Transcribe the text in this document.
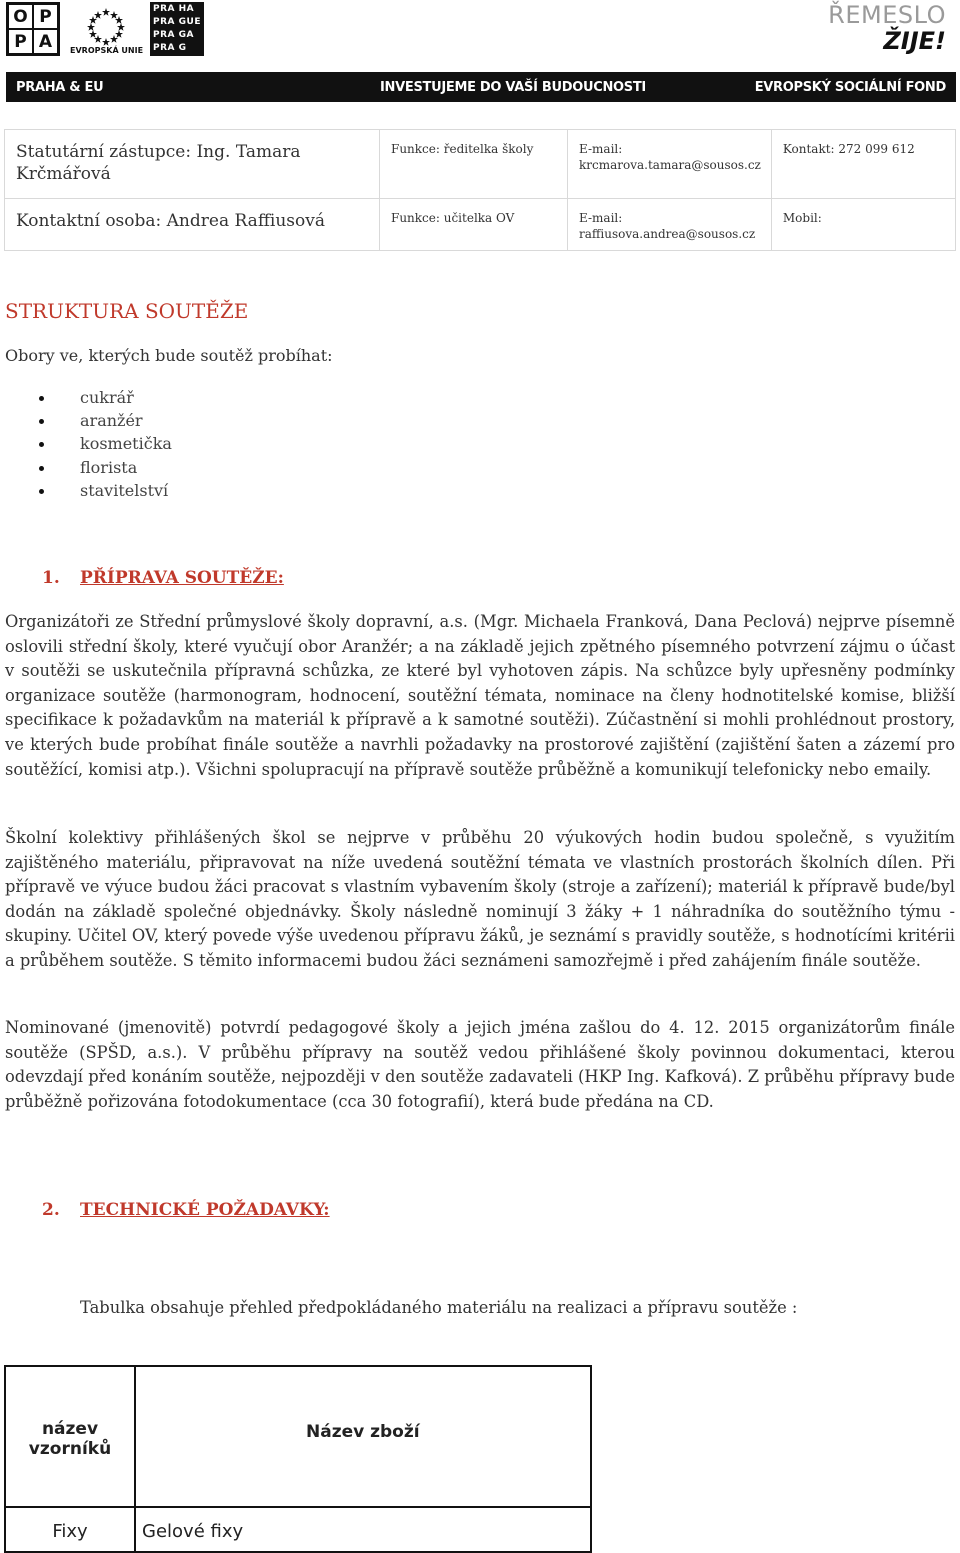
O P
P A	EVROPSKÁ UNIE
PRA HA
PRA GUE
PRA GA
PRA G
ŘEMESLO
ŽIJE!
PRAHA & EU	INVESTUJEME DO VAŠÍ BUDOUCNOSTI	EVROPSKÝ SOCIÁLNÍ FOND
Statutární zástupce: Ing. Tamara Krčmářová	Funkce: ředitelka školy	E-mail:
krcmarova.tamara@sousos.cz	Kontakt: 272 099 612
Kontaktní osoba: Andrea Raffiusová	Funkce: učitelka OV	E-mail:
raffiusova.andrea@sousos.cz	Mobil:
STRUKTURA SOUTĚŽE
Obory ve, kterých bude soutěž probíhat:
cukrář
aranžér
kosmetička
florista
stavitelství
1. PŘÍPRAVA SOUTĚŽE:
Organizátoři ze Střední průmyslové školy dopravní, a.s. (Mgr. Michaela Franková, Dana Peclová) nejprve písemně oslovili střední školy, které vyučují obor Aranžér; a na základě jejich zpětného písemného potvrzení zájmu o účast v soutěži se uskutečnila přípravná schůzka, ze které byl vyhotoven zápis. Na schůzce byly upřesněny podmínky organizace soutěže (harmonogram, hodnocení, soutěžní témata, nominace na členy hodnotitelské komise, bližší specifikace k požadavkům na materiál k přípravě a k samotné soutěži). Zúčastnění si mohli prohlédnout prostory, ve kterých bude probíhat finále soutěže a navrhli požadavky na prostorové zajištění (zajištění šaten a zázemí pro soutěžící, komisi atp.). Všichni spolupracují na přípravě soutěže průběžně a komunikují telefonicky nebo emaily.
Školní kolektivy přihlášených škol se nejprve v průběhu 20 výukových hodin budou společně, s využitím zajištěného materiálu, připravovat na níže uvedená soutěžní témata ve vlastních prostorách školních dílen. Při přípravě ve výuce budou žáci pracovat s vlastním vybavením školy (stroje a zařízení); materiál k přípravě bude/byl dodán na základě společné objednávky. Školy následně nominují 3 žáky + 1 náhradníka do soutěžního týmu - skupiny. Učitel OV, který povede výše uvedenou přípravu žáků, je seznámí s pravidly soutěže, s hodnotícími kritérii a průběhem soutěže. S těmito informacemi budou žáci seznámeni samozřejmě i před zahájením finále soutěže.
Nominované (jmenovitě) potvrdí pedagogové školy a jejich jména zašlou do 4. 12. 2015 organizátorům finále soutěže (SPŠD, a.s.). V průběhu přípravy na soutěž vedou přihlášené školy povinnou dokumentaci, kterou odevzdají před konáním soutěže, nejpozději v den soutěže zadavateli (HKP Ing. Kafková). Z průběhu přípravy bude průběžně pořizována fotodokumentace (cca 30 fotografií), která bude předána na CD.
2. TECHNICKÉ POŽADAVKY:
Tabulka obsahuje přehled předpokládaného materiálu na realizaci a přípravu soutěže :
název vzorníků	Název zboží
Fixy	Gelové fixy
